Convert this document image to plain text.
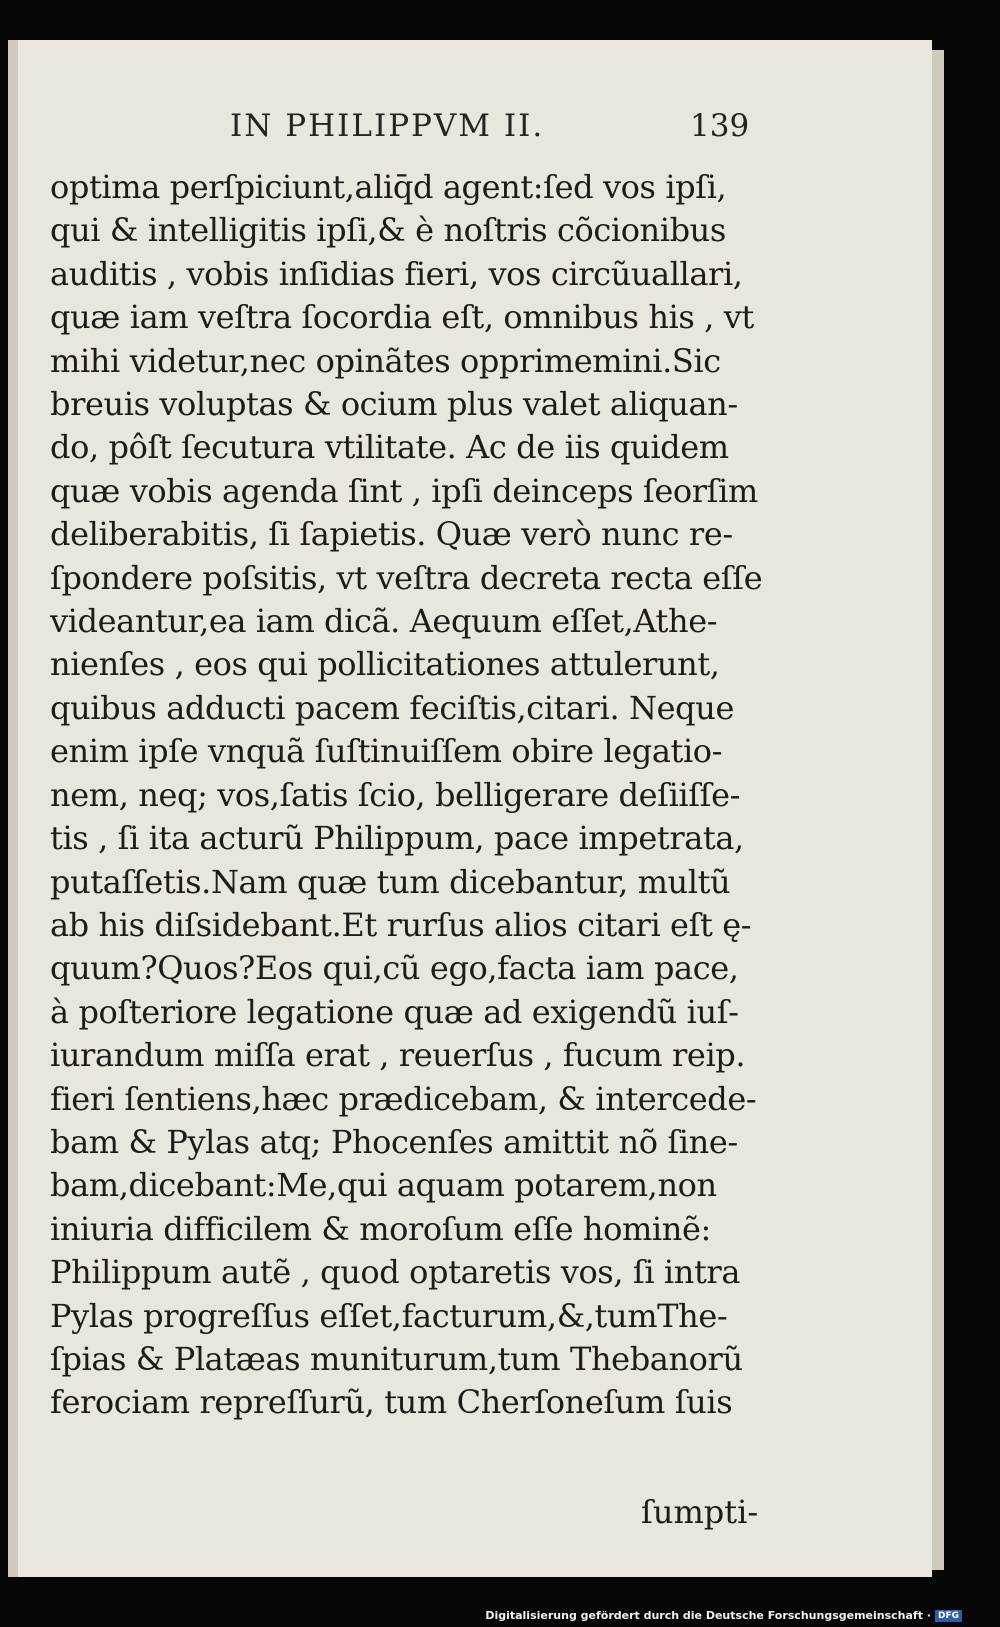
IN PHILIPPVM II.	139
optima perſpiciunt,aliq̄d agent:ſed vos ipſi,
qui & intelligitis ipſi,& è noſtris cõcionibus
auditis , vobis inſidias fieri, vos circũuallari,
quæ iam veſtra ſocordia eſt, omnibus his , vt
mihi videtur,nec opinãtes opprimemini.Sic
breuis voluptas & ocium plus valet aliquan-
do, pôſt ſecutura vtilitate. Ac de iis quidem
quæ vobis agenda ſint , ipſi deinceps ſeorſim
deliberabitis, ſi ſapietis. Quæ verò nunc re-
ſpondere poſsitis, vt veſtra decreta recta eſſe
videantur,ea iam dicã. Aequum eſſet,Athe-
nienſes , eos qui pollicitationes attulerunt,
quibus adducti pacem feciſtis,citari. Neque
enim ipſe vnquã ſuſtinuiſſem obire legatio-
nem, neq; vos,ſatis ſcio, belligerare deſiiſſe-
tis , ſi ita acturũ Philippum, pace impetrata,
putaſſetis.Nam quæ tum dicebantur, multũ
ab his diſsidebant.Et rurſus alios citari eſt ę-
quum?Quos?Eos qui,cũ ego,facta iam pace,
à poſteriore legatione quæ ad exigendũ iuſ-
iurandum miſſa erat , reuerſus , fucum reip.
fieri ſentiens,hæc prædicebam, & intercede-
bam & Pylas atq; Phocenſes amittit nõ ſine-
bam,dicebant:Me,qui aquam potarem,non
iniuria difficilem & moroſum eſſe hominẽ:
Philippum autẽ , quod optaretis vos, ſi intra
Pylas progreſſus eſſet,facturum,&,tumThe-
ſpias & Platæas muniturum,tum Thebanorũ
ferociam repreſſurũ, tum Cherſoneſum ſuis
ſumpti-
Digitalisierung gefördert durch die Deutsche Forschungsgemeinschaft · DFG
